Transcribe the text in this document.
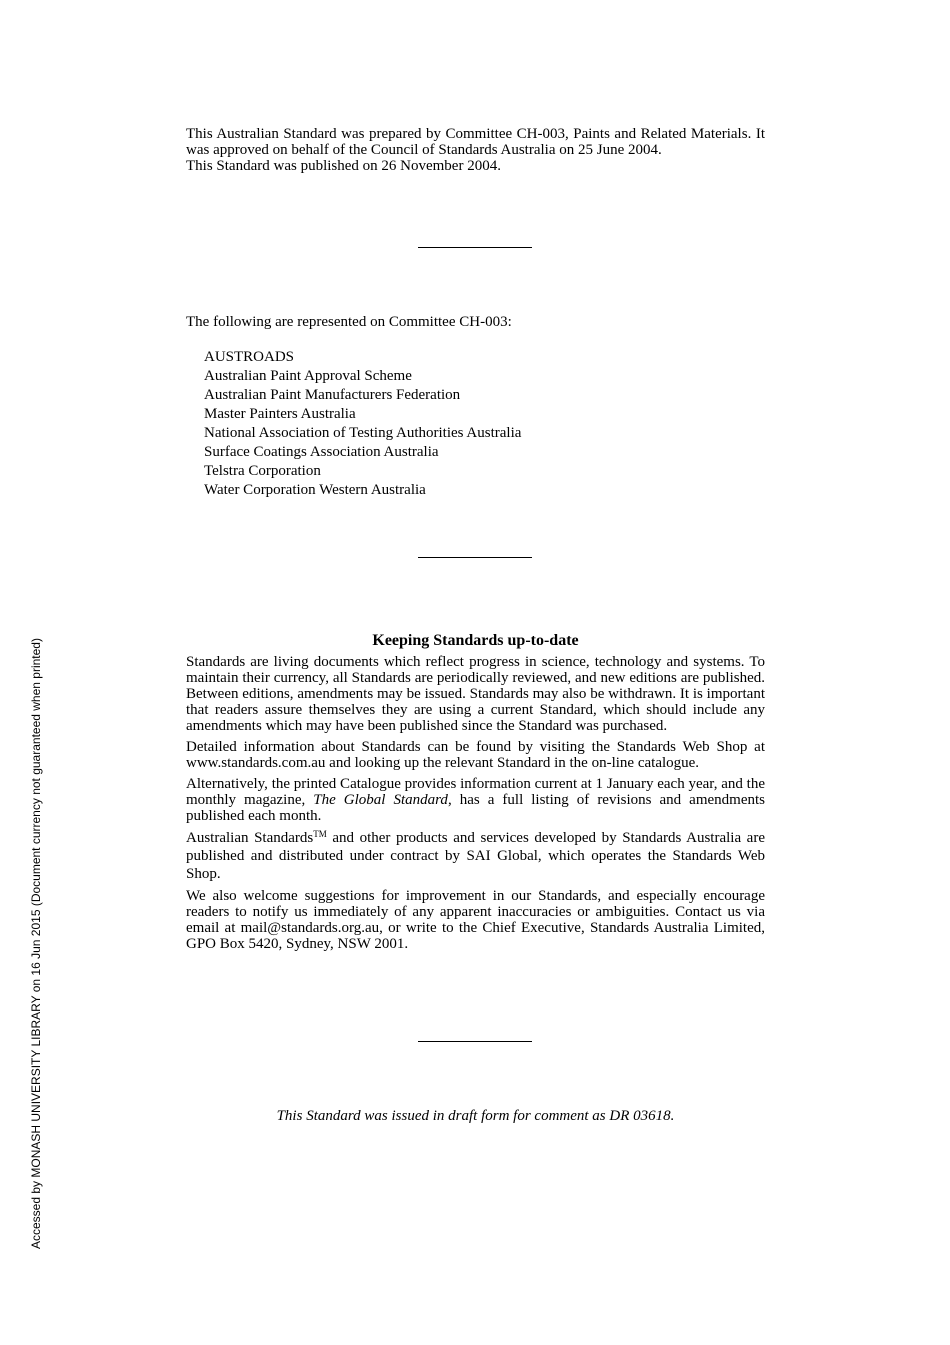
This Australian Standard was prepared by Committee CH-003, Paints and Related Materials. It was approved on behalf of the Council of Standards Australia on 25 June 2004.

This Standard was published on 26 November 2004.

The following are represented on Committee CH-003:

AUSTROADS
Australian Paint Approval Scheme
Australian Paint Manufacturers Federation
Master Painters Australia
National Association of Testing Authorities Australia
Surface Coatings Association Australia
Telstra Corporation
Water Corporation Western Australia
Keeping Standards up-to-date

Standards are living documents which reflect progress in science, technology and systems. To maintain their currency, all Standards are periodically reviewed, and new editions are published. Between editions, amendments may be issued. Standards may also be withdrawn. It is important that readers assure themselves they are using a current Standard, which should include any amendments which may have been published since the Standard was purchased.

Detailed information about Standards can be found by visiting the Standards Web Shop at www.standards.com.au and looking up the relevant Standard in the on-line catalogue.

Alternatively, the printed Catalogue provides information current at 1 January each year, and the monthly magazine, The Global Standard, has a full listing of revisions and amendments published each month.

Australian Standards™ and other products and services developed by Standards Australia are published and distributed under contract by SAI Global, which operates the Standards Web Shop.

We also welcome suggestions for improvement in our Standards, and especially encourage readers to notify us immediately of any apparent inaccuracies or ambiguities. Contact us via email at mail@standards.org.au, or write to the Chief Executive, Standards Australia Limited, GPO Box 5420, Sydney, NSW 2001.

This Standard was issued in draft form for comment as DR 03618.

Accessed by MONASH UNIVERSITY LIBRARY on 16 Jun 2015 (Document currency not guaranteed when printed)
